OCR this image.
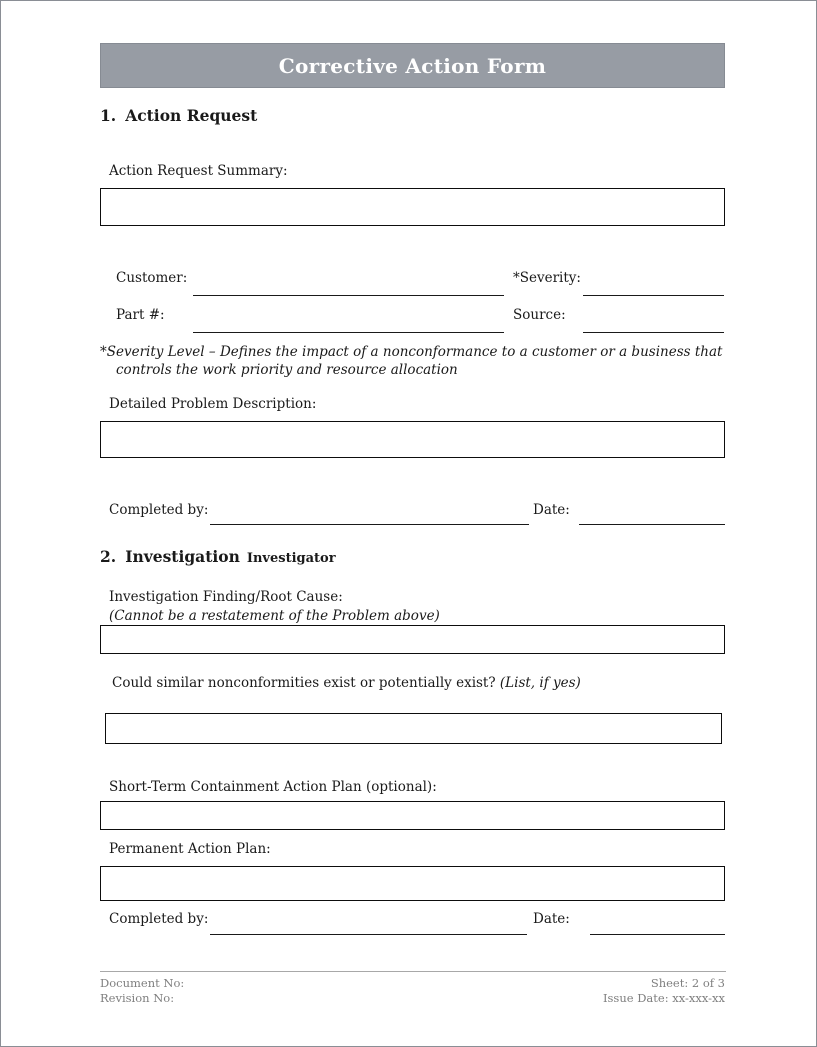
Corrective Action Form
1. Action Request
Action Request Summary:
Customer:	*Severity:
Part #:	Source:
*Severity Level – Defines the impact of a nonconformance to a customer or a business that controls the work priority and resource allocation
Detailed Problem Description:
Completed by:	Date:
2. Investigation Investigator
Investigation Finding/Root Cause:
(Cannot be a restatement of the Problem above)
Could similar nonconformities exist or potentially exist? (List, if yes)
Short-Term Containment Action Plan (optional):
Permanent Action Plan:
Completed by:	Date:
Document No:
Revision No:
Sheet: 2 of 3
Issue Date: xx-xxx-xx
